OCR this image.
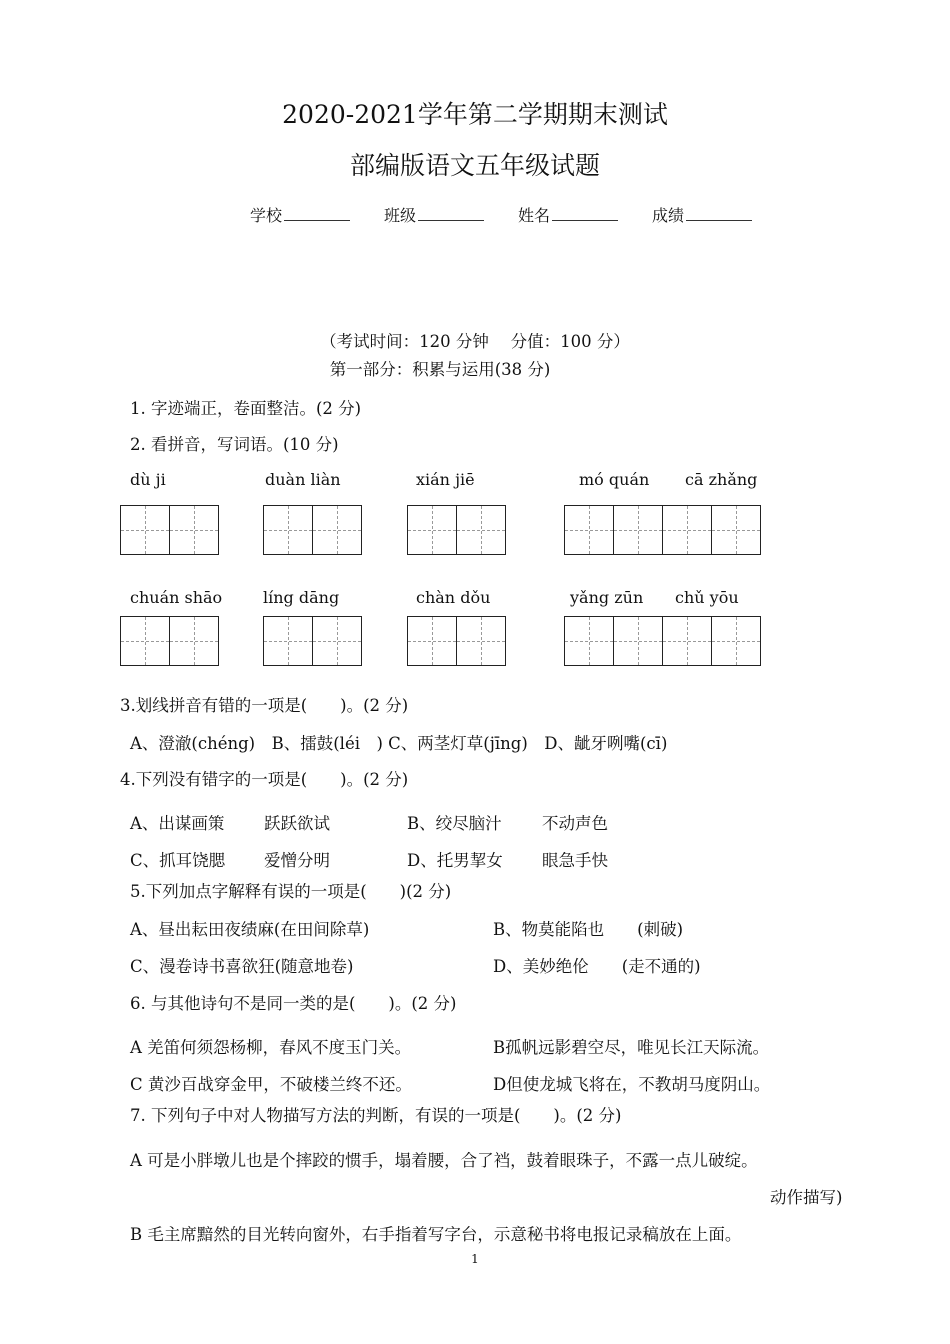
2020-2021学年第二学期期末测试
部编版语文五年级试题
学校	班级	姓名	成绩
（考试时间：120 分钟　 分值：100 分）
第一部分：积累与运用(38 分)
1. 字迹端正，卷面整洁。(2 分)
2. 看拼音，写词语。(10 分)
dù ji	duàn liàn	xián jiē	mó quán cā zhǎng
chuán shāo	líng dāng	chàn dǒu	yǎng zūn chǔ yōu
3.划线拼音有错的一项是(　　)。(2 分)
A、澄澈(chéng)　B、擂鼓(léi　) C、两茎灯草(jīng)　D、龇牙咧嘴(cī)
4.下列没有错字的一项是(　　)。(2 分)
A、出谋画策 跃跃欲试	B、绞尽脑汁 不动声色
C、抓耳饶腮 爱憎分明	D、托男挈女 眼急手快
5.下列加点字解释有误的一项是(　　)(2 分)
A、昼出耘田夜绩麻(在田间除草)	B、物莫能陷也　　(刺破)
C、漫卷诗书喜欲狂(随意地卷)	D、美妙绝伦　　(走不通的)
6. 与其他诗句不是同一类的是(　　)。(2 分)
A 羌笛何须怨杨柳，春风不度玉门关。	B孤帆远影碧空尽，唯见长江天际流。
C 黄沙百战穿金甲，不破楼兰终不还。	D但使龙城飞将在，不教胡马度阴山。
7. 下列句子中对人物描写方法的判断，有误的一项是(　　)。(2 分)
A 可是小胖墩儿也是个摔跤的惯手，塌着腰，合了裆，鼓着眼珠子，不露一点儿破绽。
动作描写)
B 毛主席黯然的目光转向窗外，右手指着写字台，示意秘书将电报记录稿放在上面。
1
